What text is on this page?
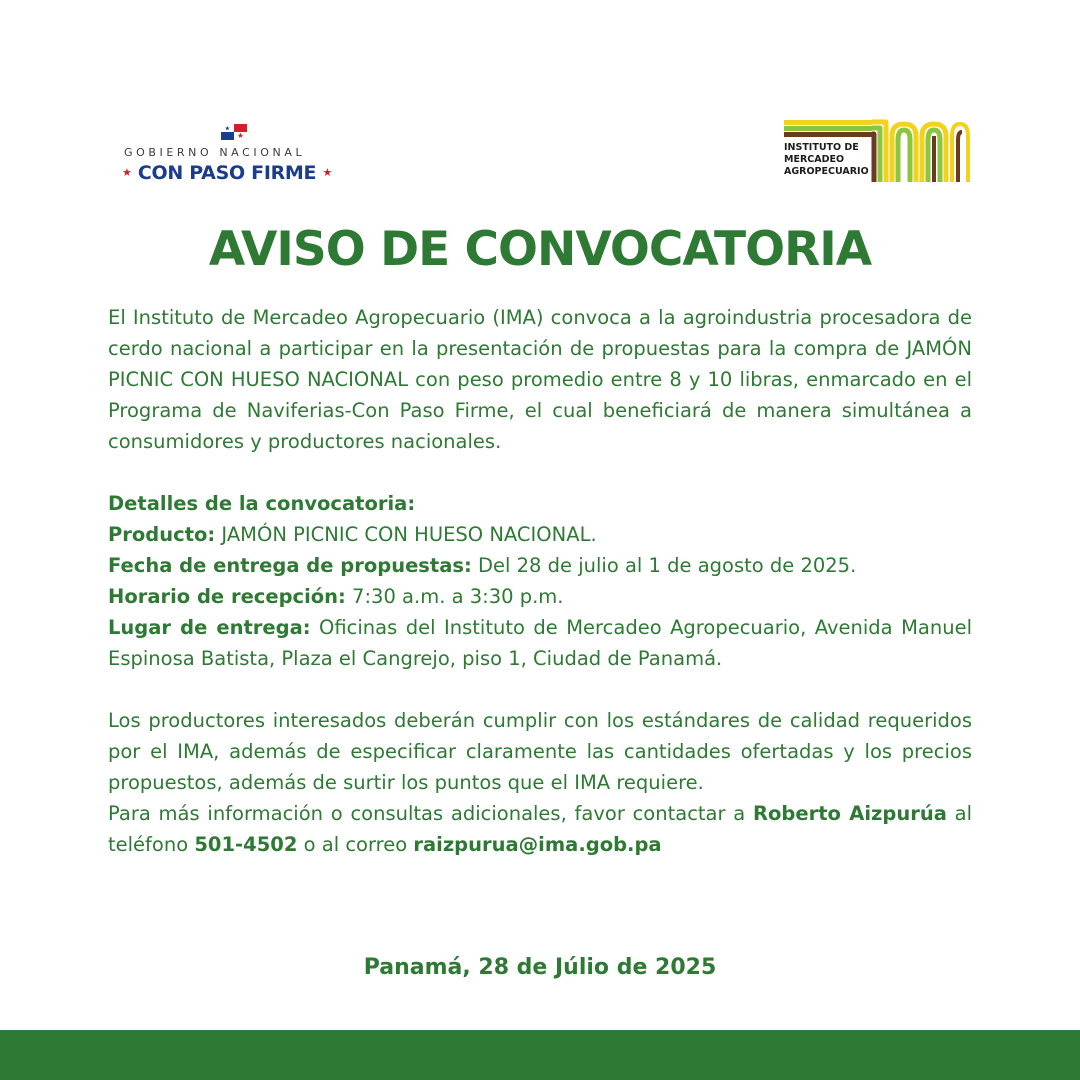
GOBIERNO NACIONAL
★ CON PASO FIRME ★
INSTITUTO DE
MERCADEO
AGROPECUARIO
AVISO DE CONVOCATORIA

El Instituto de Mercadeo Agropecuario (IMA) convoca a la agroindustria procesadora de cerdo nacional a participar en la presentación de propuestas para la compra de JAMÓN PICNIC CON HUESO NACIONAL con peso promedio entre 8 y 10 libras, enmarcado en el Programa de Naviferias-Con Paso Firme, el cual beneficiará de manera simultánea a consumidores y productores nacionales.

Detalles de la convocatoria:

Producto: JAMÓN PICNIC CON HUESO NACIONAL.

Fecha de entrega de propuestas: Del 28 de julio al 1 de agosto de 2025.

Horario de recepción: 7:30 a.m. a 3:30 p.m.

Lugar de entrega: Oficinas del Instituto de Mercadeo Agropecuario, Avenida Manuel Espinosa Batista, Plaza el Cangrejo, piso 1, Ciudad de Panamá.

Los productores interesados deberán cumplir con los estándares de calidad requeridos por el IMA, además de especificar claramente las cantidades ofertadas y los precios propuestos, además de surtir los puntos que el IMA requiere.

Para más información o consultas adicionales, favor contactar a Roberto Aizpurúa al teléfono 501-4502 o al correo raizpurua@ima.gob.pa

Panamá, 28 de Júlio de 2025
